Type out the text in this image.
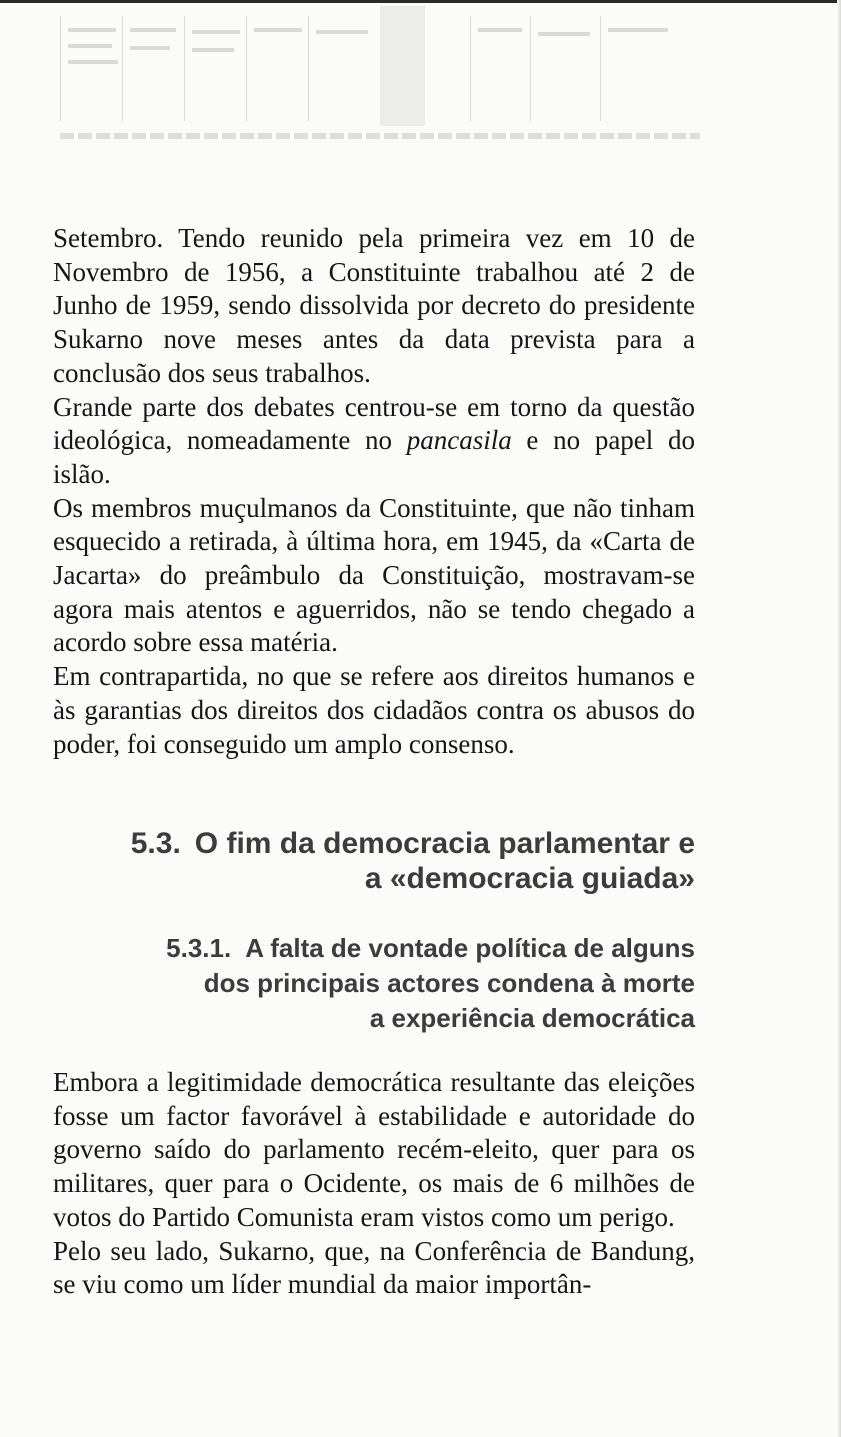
Setembro. Tendo reunido pela primeira vez em 10 de Novembro de 1956, a Constituinte trabalhou até 2 de Junho de 1959, sendo dissolvida por decreto do presidente Sukarno nove meses antes da data prevista para a conclusão dos seus trabalhos.

Grande parte dos debates centrou-se em torno da questão ideológica, nomeadamente no pancasila e no papel do islão.

Os membros muçulmanos da Constituinte, que não tinham esquecido a retirada, à última hora, em 1945, da «Carta de Jacarta» do preâmbulo da Constituição, mostravam-se agora mais atentos e aguerridos, não se tendo chegado a acordo sobre essa matéria.

Em contrapartida, no que se refere aos direitos humanos e às garantias dos direitos dos cidadãos contra os abusos do poder, foi conseguido um amplo consenso.

5.3. O fim da democracia parlamentar e
a «democracia guiada»
5.3.1. A falta de vontade política de alguns
dos principais actores condena à morte
a experiência democrática

Embora a legitimidade democrática resultante das eleições fosse um factor favorável à estabilidade e autoridade do governo saído do parlamento recém-eleito, quer para os militares, quer para o Ocidente, os mais de 6 milhões de votos do Partido Comunista eram vistos como um perigo.

Pelo seu lado, Sukarno, que, na Conferência de Bandung, se viu como um líder mundial da maior importân-
